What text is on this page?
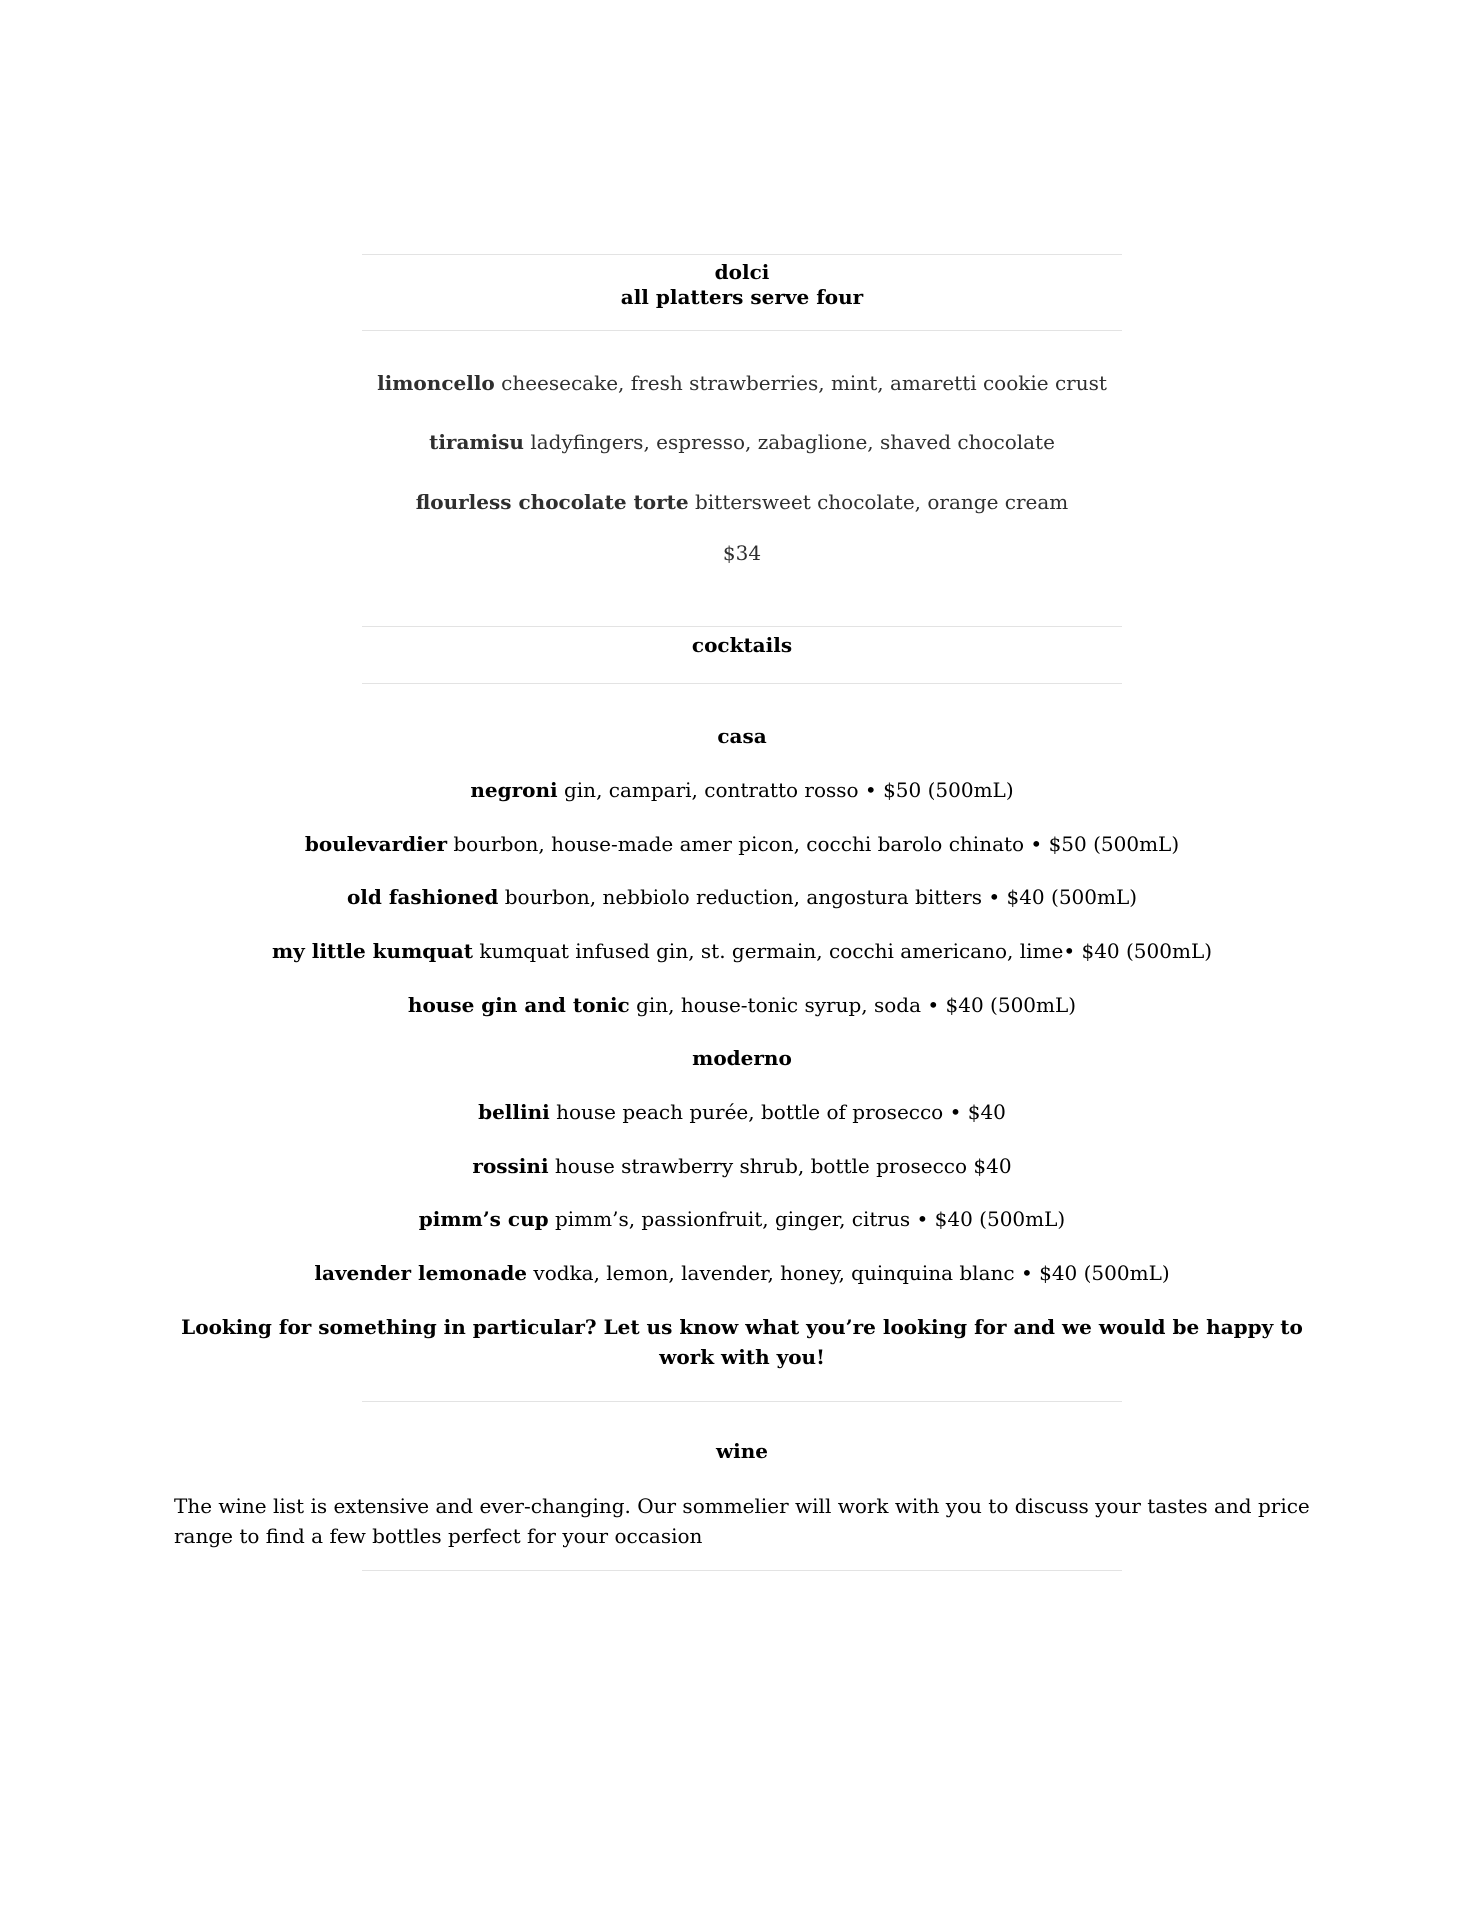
dolci
all platters serve four
limoncello cheesecake, fresh strawberries, mint, amaretti cookie crust
tiramisu ladyfingers, espresso, zabaglione, shaved chocolate
flourless chocolate torte bittersweet chocolate, orange cream
$34
cocktails
casa
negroni gin, campari, contratto rosso • $50 (500mL)
boulevardier bourbon, house-made amer picon, cocchi barolo chinato • $50 (500mL)
old fashioned bourbon, nebbiolo reduction, angostura bitters • $40 (500mL)
my little kumquat kumquat infused gin, st. germain, cocchi americano, lime• $40 (500mL)
house gin and tonic gin, house-tonic syrup, soda • $40 (500mL)
moderno
bellini house peach purée, bottle of prosecco • $40
rossini house strawberry shrub, bottle prosecco $40
pimm’s cup pimm’s, passionfruit, ginger, citrus • $40 (500mL)
lavender lemonade vodka, lemon, lavender, honey, quinquina blanc • $40 (500mL)
Looking for something in particular? Let us know what you’re looking for and we would be happy to work with you!
wine
The wine list is extensive and ever-changing. Our sommelier will work with you to discuss your tastes and price range to find a few bottles perfect for your occasion
